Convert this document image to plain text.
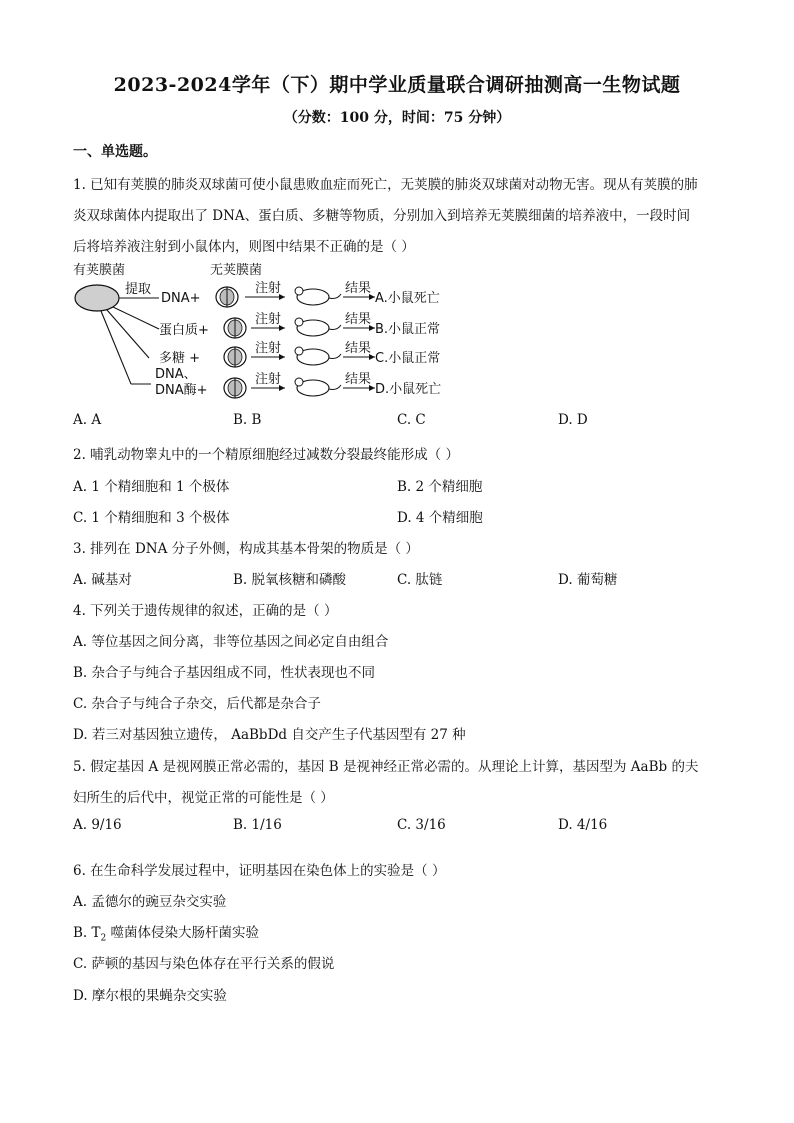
2023-2024学年（下）期中学业质量联合调研抽测高一生物试题
（分数：100 分，时间：75 分钟）
一、单选题。
1. 已知有荚膜的肺炎双球菌可使小鼠患败血症而死亡，无荚膜的肺炎双球菌对动物无害。现从有荚膜的肺
炎双球菌体内提取出了 DNA、蛋白质、多糖等物质，分别加入到培养无荚膜细菌的培养液中，一段时间
后将培养液注射到小鼠体内，则图中结果不正确的是（ ）
有荚膜菌	无荚膜菌
提取
DNA+
注射	结果
A.小鼠死亡
蛋白质+
注射	结果
B.小鼠正常
多糖 +
注射	结果
C.小鼠正常
DNA、
DNA酶+
注射	结果
D.小鼠死亡
A. A	B. B	C. C	D. D
2. 哺乳动物睾丸中的一个精原细胞经过减数分裂最终能形成（ ）
A. 1 个精细胞和 1 个极体	B. 2 个精细胞
C. 1 个精细胞和 3 个极体	D. 4 个精细胞
3. 排列在 DNA 分子外侧，构成其基本骨架的物质是（ ）
A. 碱基对	B. 脱氧核糖和磷酸	C. 肽链	D. 葡萄糖
4. 下列关于遗传规律的叙述，正确的是（ ）
A. 等位基因之间分离，非等位基因之间必定自由组合
B. 杂合子与纯合子基因组成不同，性状表现也不同
C. 杂合子与纯合子杂交，后代都是杂合子
D. 若三对基因独立遗传， AaBbDd 自交产生子代基因型有 27 种
5. 假定基因 A 是视网膜正常必需的，基因 B 是视神经正常必需的。从理论上计算，基因型为 AaBb 的夫
妇所生的后代中，视觉正常的可能性是（ ）
A. 9/16	B. 1/16	C. 3/16	D. 4/16
6. 在生命科学发展过程中，证明基因在染色体上的实验是（ ）
A. 孟德尔的豌豆杂交实验
B. $T_2$ 噬菌体侵染大肠杆菌实验
C. 萨顿的基因与染色体存在平行关系的假说
D. 摩尔根的果蝇杂交实验
